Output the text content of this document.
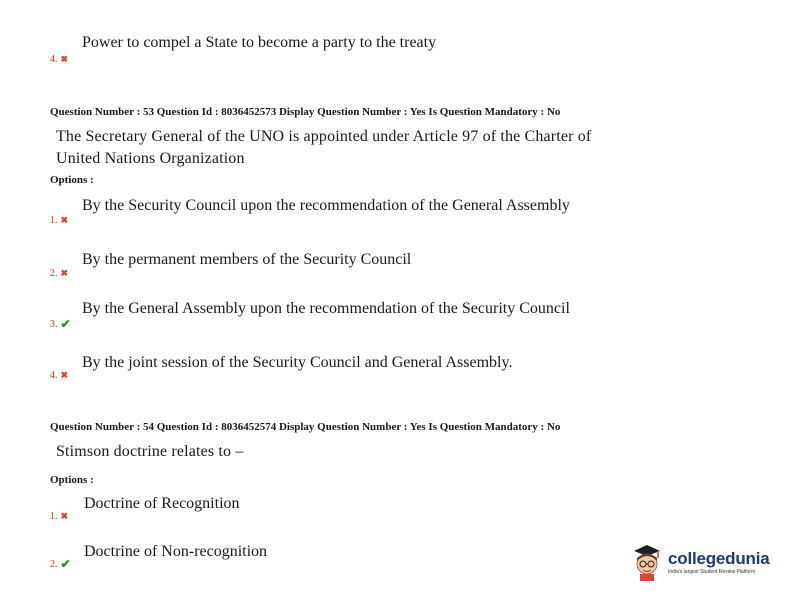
Power to compel a State to become a party to the treaty
4. ✖
Question Number : 53 Question Id : 8036452573 Display Question Number : Yes Is Question Mandatory : No
The Secretary General of the UNO is appointed under Article 97 of the Charter of
United Nations Organization
Options :
By the Security Council upon the recommendation of the General Assembly
1. ✖
By the permanent members of the Security Council
2. ✖
By the General Assembly upon the recommendation of the Security Council
3. ✔
By the joint session of the Security Council and General Assembly.
4. ✖
Question Number : 54 Question Id : 8036452574 Display Question Number : Yes Is Question Mandatory : No
Stimson doctrine relates to –
Options :
Doctrine of Recognition
1. ✖
Doctrine of Non-recognition
2. ✔	collegedunia
India's largest Student Review Platform
